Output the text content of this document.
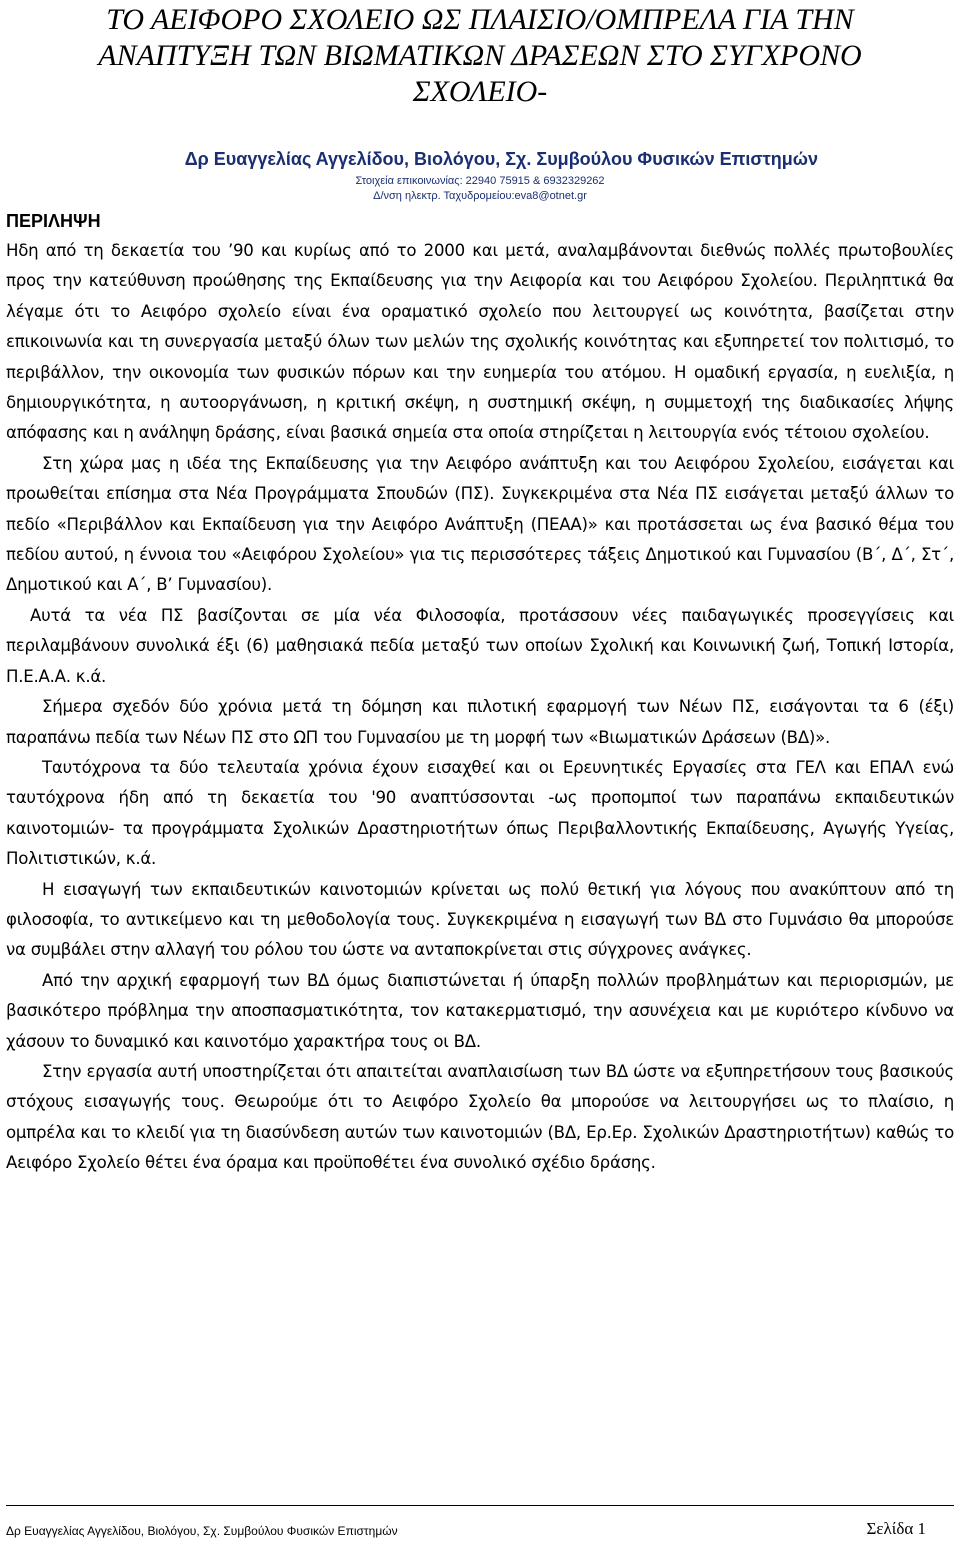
ΤΟ ΑΕΙΦΟΡΟ ΣΧΟΛΕΙΟ ΩΣ ΠΛΑΙΣΙΟ/ΟΜΠΡΕΛΑ ΓΙΑ ΤΗΝ
ΑΝΑΠΤΥΞΗ ΤΩΝ ΒΙΩΜΑΤΙΚΩΝ ΔΡΑΣΕΩΝ ΣΤΟ ΣΥΓΧΡΟΝΟ
ΣΧΟΛΕΙΟ-

Δρ Ευαγγελίας Αγγελίδου, Βιολόγου, Σχ. Συμβούλου Φυσικών Επιστημών

Στοιχεία επικοινωνίας: 22940 75915 & 6932329262

Δ/νση ηλεκτρ. Ταχυδρομείου:eva8@otnet.gr

ΠΕΡΙΛΗΨΗ

Ηδη από τη δεκαετία του ’90 και κυρίως από το 2000 και μετά, αναλαμβάνονται διεθνώς πολλές πρωτοβουλίες προς την κατεύθυνση προώθησης της Εκπαίδευσης για την Αειφορία και του Αειφόρου Σχολείου. Περιληπτικά θα λέγαμε ότι το Αειφόρο σχολείο είναι ένα οραματικό σχολείο που λειτουργεί ως κοινότητα, βασίζεται στην επικοινωνία και τη συνεργασία μεταξύ όλων των μελών της σχολικής κοινότητας και εξυπηρετεί τον πολιτισμό, το περιβάλλον, την οικονομία των φυσικών πόρων και την ευημερία του ατόμου. Η ομαδική εργασία, η ευελιξία, η δημιουργικότητα, η αυτοοργάνωση, η κριτική σκέψη, η συστημική σκέψη, η συμμετοχή της διαδικασίες λήψης απόφασης και η ανάληψη δράσης, είναι βασικά σημεία στα οποία στηρίζεται η λειτουργία ενός τέτοιου σχολείου.

Στη χώρα μας η ιδέα της Εκπαίδευσης για την Αειφόρο ανάπτυξη και του Αειφόρου Σχολείου, εισάγεται και προωθείται επίσημα στα Νέα Προγράμματα Σπουδών (ΠΣ). Συγκεκριμένα στα Νέα ΠΣ εισάγεται μεταξύ άλλων το πεδίο «Περιβάλλον και Εκπαίδευση για την Αειφόρο Ανάπτυξη (ΠΕΑΑ)» και προτάσσεται ως ένα βασικό θέμα του πεδίου αυτού, η έννοια του «Αειφόρου Σχολείου» για τις περισσότερες τάξεις Δημοτικού και Γυμνασίου (Β΄, Δ΄, Στ΄, Δημοτικού και Α΄, Β’ Γυμνασίου).

Αυτά τα νέα ΠΣ βασίζονται σε μία νέα Φιλοσοφία, προτάσσουν νέες παιδαγωγικές προσεγγίσεις και περιλαμβάνουν συνολικά έξι (6) μαθησιακά πεδία μεταξύ των οποίων Σχολική και Κοινωνική ζωή, Τοπική Ιστορία, Π.Ε.Α.Α. κ.ά.

Σήμερα σχεδόν δύο χρόνια μετά τη δόμηση και πιλοτική εφαρμογή των Νέων ΠΣ, εισάγονται τα 6 (έξι) παραπάνω πεδία των Νέων ΠΣ στο ΩΠ του Γυμνασίου με τη μορφή των «Βιωματικών Δράσεων (ΒΔ)».

Ταυτόχρονα τα δύο τελευταία χρόνια έχουν εισαχθεί και οι Ερευνητικές Εργασίες στα ΓΕΛ και ΕΠΑΛ ενώ ταυτόχρονα ήδη από τη δεκαετία του '90 αναπτύσσονται -ως προπομποί των παραπάνω εκπαιδευτικών καινοτομιών- τα προγράμματα Σχολικών Δραστηριοτήτων όπως Περιβαλλοντικής Εκπαίδευσης, Αγωγής Υγείας, Πολιτιστικών, κ.ά.

Η εισαγωγή των εκπαιδευτικών καινοτομιών κρίνεται ως πολύ θετική για λόγους που ανακύπτουν από τη φιλοσοφία, το αντικείμενο και τη μεθοδολογία τους. Συγκεκριμένα η εισαγωγή των ΒΔ στο Γυμνάσιο θα μπορούσε να συμβάλει στην αλλαγή του ρόλου του ώστε να ανταποκρίνεται στις σύγχρονες ανάγκες.

Από την αρχική εφαρμογή των ΒΔ όμως διαπιστώνεται ή ύπαρξη πολλών προβλημάτων και περιορισμών, με βασικότερο πρόβλημα την αποσπασματικότητα, τον κατακερματισμό, την ασυνέχεια και με κυριότερο κίνδυνο να χάσουν το δυναμικό και καινοτόμο χαρακτήρα τους οι ΒΔ.

Στην εργασία αυτή υποστηρίζεται ότι απαιτείται αναπλαισίωση των ΒΔ ώστε να εξυπηρετήσουν τους βασικούς στόχους εισαγωγής τους. Θεωρούμε ότι το Αειφόρο Σχολείο θα μπορούσε να λειτουργήσει ως το πλαίσιο, η ομπρέλα και το κλειδί για τη διασύνδεση αυτών των καινοτομιών (ΒΔ, Ερ.Ερ. Σχολικών Δραστηριοτήτων) καθώς το Αειφόρο Σχολείο θέτει ένα όραμα και προϋποθέτει ένα συνολικό σχέδιο δράσης.

Δρ Ευαγγελίας Αγγελίδου, Βιολόγου, Σχ. Συμβούλου Φυσικών Επιστημών	Σελίδα 1
